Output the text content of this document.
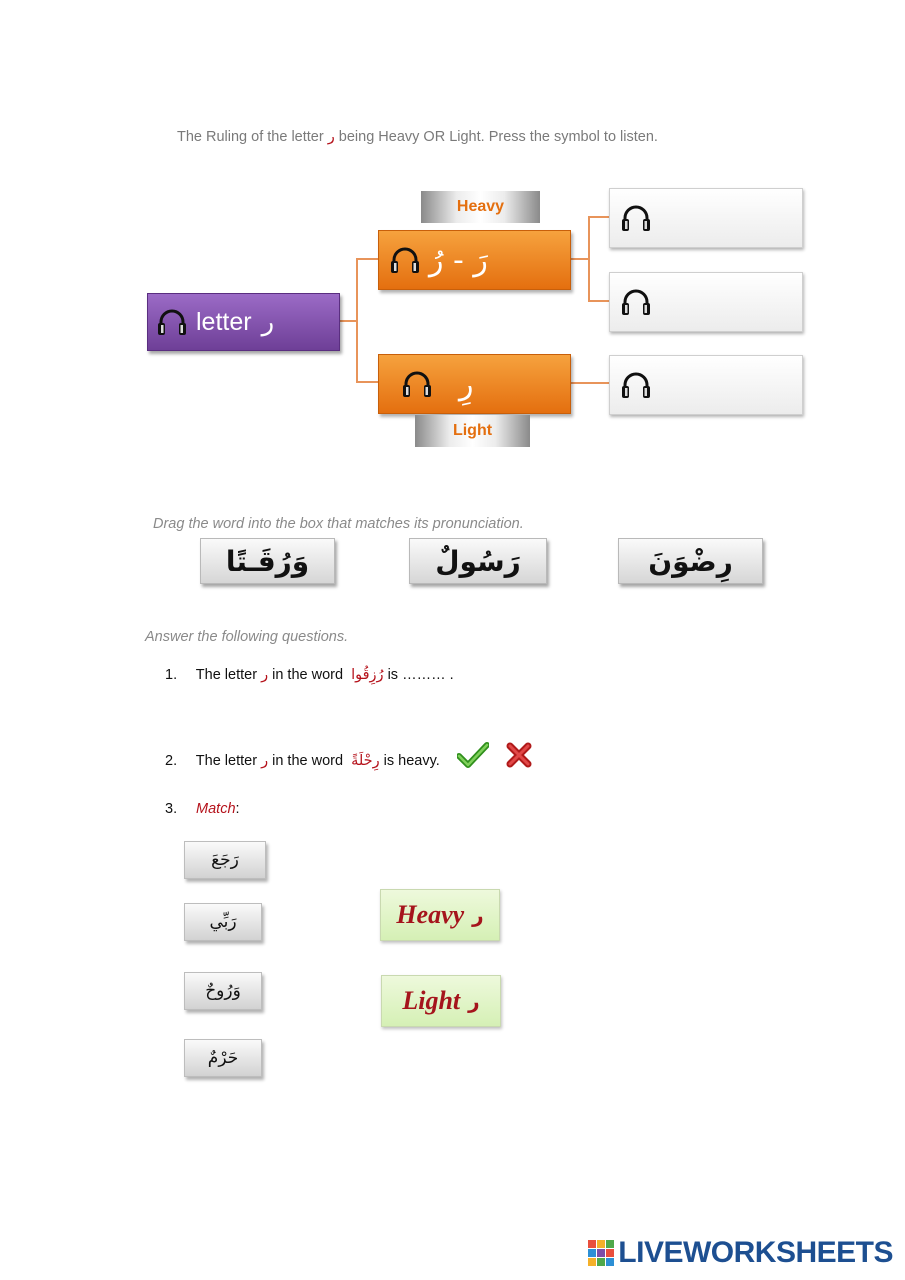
The Ruling of the letter ر being Heavy OR Light. Press the symbol to listen.
letter ر
Heavy
رَ - رُ
رِ
Light
Drag the word into the box that matches its pronunciation.
وَرُقَـتًا	رَسُولٌ	رِضْوَنَ
Answer the following questions.
1. The letter ر in the word رُزِقُوا is ……… .
2. The letter ر in the word رِحْلَةً is heavy.
3. Match:
رَجَعَ
رَبِّي
وَرُوحٌ
حَرْمٌ
Heavy ر
Light ر
LIVEWORKSHEETS
